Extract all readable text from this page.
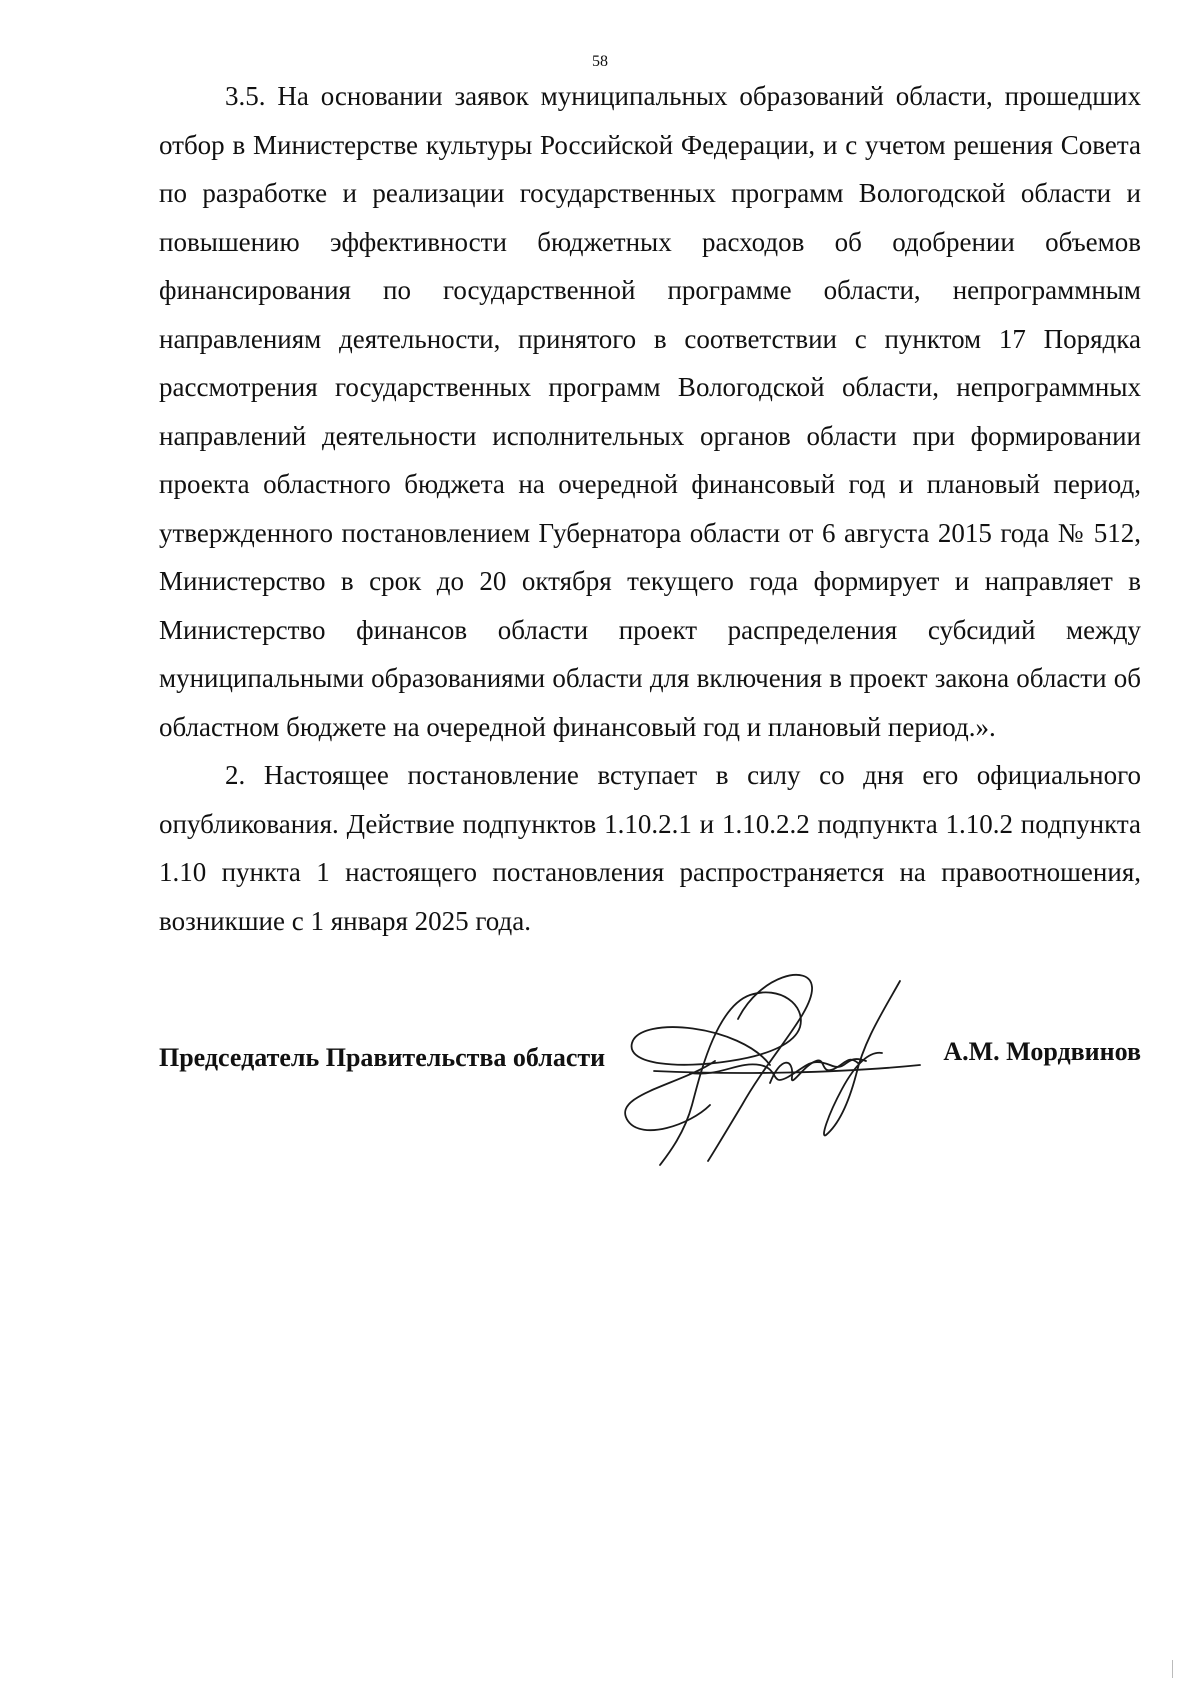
58

3.5. На основании заявок муниципальных образований области, прошедших отбор в Министерстве культуры Российской Федерации, и с учетом решения Совета по разработке и реализации государственных программ Вологодской области и повышению эффективности бюджетных расходов об одобрении объемов финансирования по государственной программе области, непрограммным направлениям деятельности, принятого в соответствии с пунктом 17 Порядка рассмотрения государственных программ Вологодской области, непрограммных направлений деятельности исполнительных органов области при формировании проекта областного бюджета на очередной финансовый год и плановый период, утвержденного постановлением Губернатора области от 6 августа 2015 года № 512, Министерство в срок до 20 октября текущего года формирует и направляет в Министерство финансов области проект распределения субсидий между муниципальными образованиями области для включения в проект закона области об областном бюджете на очередной финансовый год и плановый период.».

2. Настоящее постановление вступает в силу со дня его официального опубликования. Действие подпунктов 1.10.2.1 и 1.10.2.2 подпункта 1.10.2 подпункта 1.10 пункта 1 настоящего постановления распространяется на правоотношения, возникшие с 1 января 2025 года.

Председатель Правительства области	А.М. Мордвинов
